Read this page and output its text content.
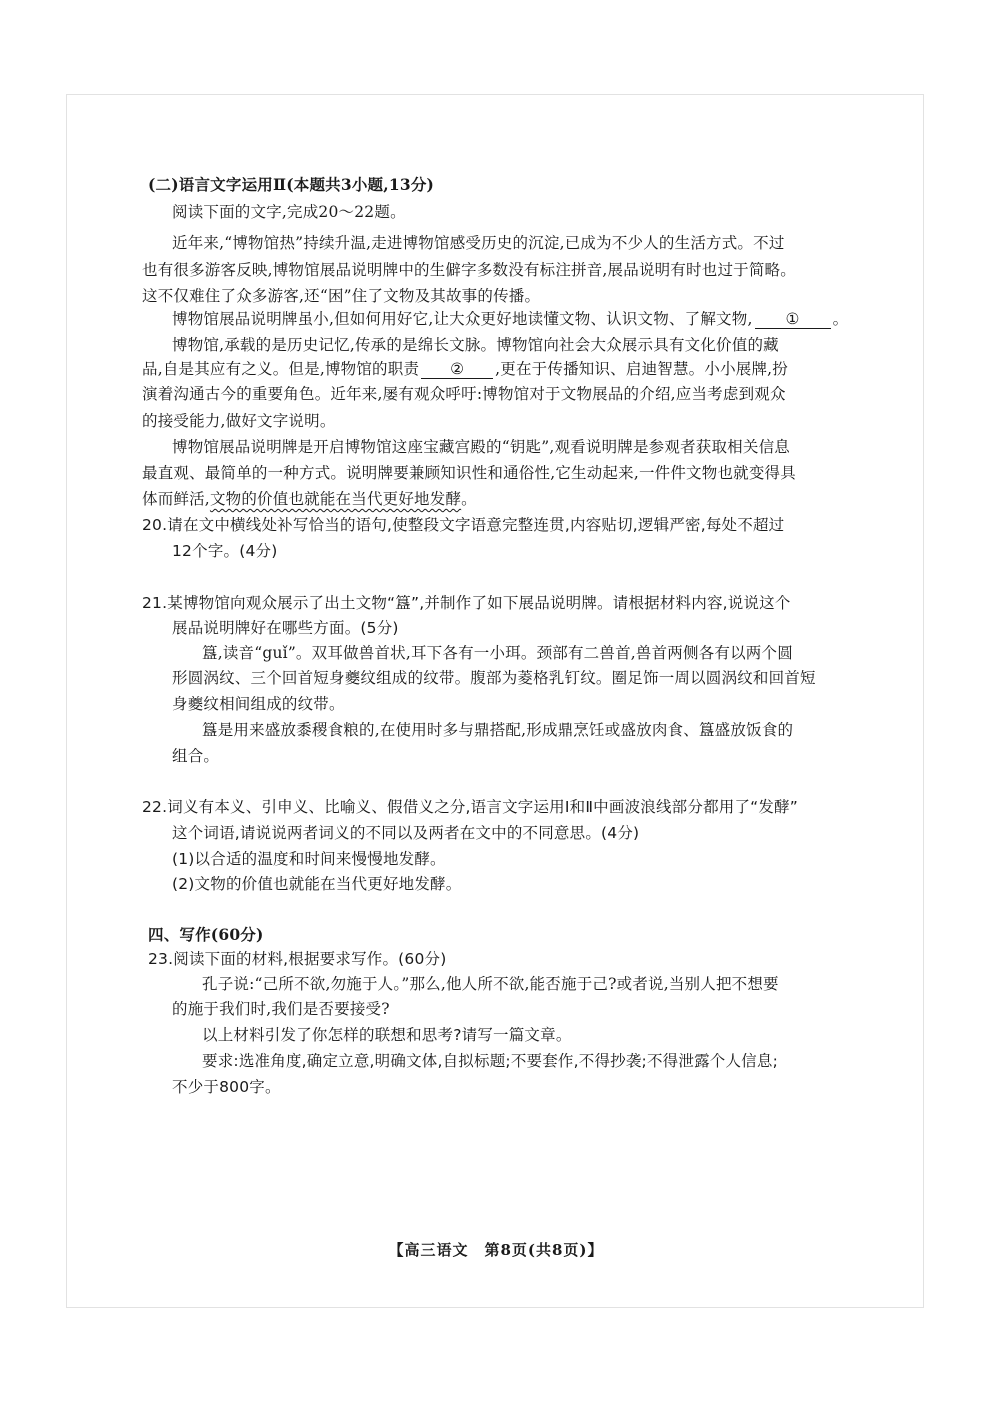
(二)语言文字运用Ⅱ(本题共3小题,13分)
阅读下面的文字,完成20～22题。
近年来,“博物馆热”持续升温,走进博物馆感受历史的沉淀,已成为不少人的生活方式。不过
也有很多游客反映,博物馆展品说明牌中的生僻字多数没有标注拼音,展品说明有时也过于简略。
这不仅难住了众多游客,还“困”住了文物及其故事的传播。
博物馆展品说明牌虽小,但如何用好它,让大众更好地读懂文物、认识文物、了解文物, ① 。
博物馆,承载的是历史记忆,传承的是绵长文脉。博物馆向社会大众展示具有文化价值的藏
品,自是其应有之义。但是,博物馆的职责 ② ,更在于传播知识、启迪智慧。小小展牌,扮
演着沟通古今的重要角色。近年来,屡有观众呼吁:博物馆对于文物展品的介绍,应当考虑到观众
的接受能力,做好文字说明。
博物馆展品说明牌是开启博物馆这座宝藏宫殿的“钥匙”,观看说明牌是参观者获取相关信息
最直观、最简单的一种方式。说明牌要兼顾知识性和通俗性,它生动起来,一件件文物也就变得具
体而鲜活,文物的价值也就能在当代更好地发酵。
20.请在文中横线处补写恰当的语句,使整段文字语意完整连贯,内容贴切,逻辑严密,每处不超过
12个字。(4分)
21.某博物馆向观众展示了出土文物“簋”,并制作了如下展品说明牌。请根据材料内容,说说这个
展品说明牌好在哪些方面。(5分)
簋,读音“guǐ”。双耳做兽首状,耳下各有一小珥。颈部有二兽首,兽首两侧各有以两个圆
形圆涡纹、三个回首短身夔纹组成的纹带。腹部为菱格乳钉纹。圈足饰一周以圆涡纹和回首短
身夔纹相间组成的纹带。
簋是用来盛放黍稷食粮的,在使用时多与鼎搭配,形成鼎烹饪或盛放肉食、簋盛放饭食的
组合。
22.词义有本义、引申义、比喻义、假借义之分,语言文字运用Ⅰ和Ⅱ中画波浪线部分都用了“发酵”
这个词语,请说说两者词义的不同以及两者在文中的不同意思。(4分)
(1)以合适的温度和时间来慢慢地发酵。
(2)文物的价值也就能在当代更好地发酵。
四、写作(60分)
23.阅读下面的材料,根据要求写作。(60分)
孔子说:“己所不欲,勿施于人。”那么,他人所不欲,能否施于己?或者说,当别人把不想要
的施于我们时,我们是否要接受?
以上材料引发了你怎样的联想和思考?请写一篇文章。
要求:选准角度,确定立意,明确文体,自拟标题;不要套作,不得抄袭;不得泄露个人信息;
不少于800字。
【高三语文　第8页(共8页)】
